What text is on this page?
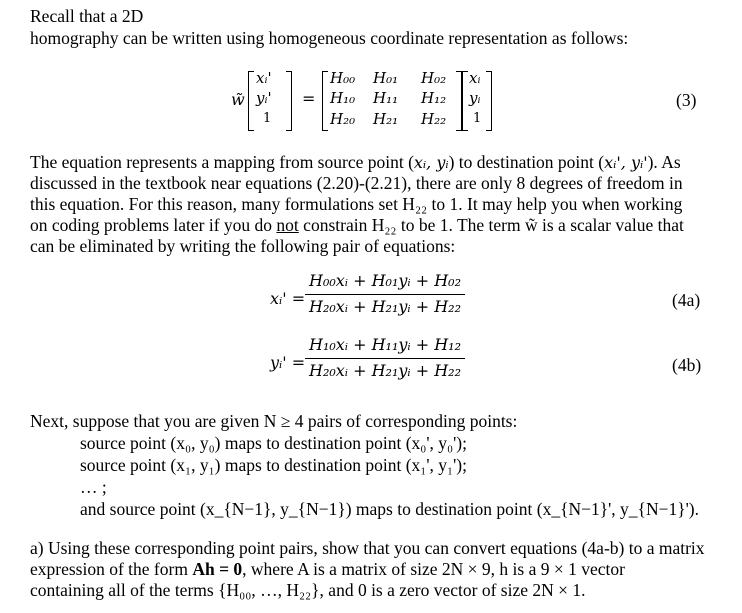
Recall that a 2D
homography can be written using homogeneous coordinate representation as follows:
w̃
xᵢ'
yᵢ'
1
=
H₀₀ H₀₁ H₀₂
H₁₀ H₁₁ H₁₂
H₂₀ H₂₁ H₂₂
xᵢ
yᵢ
1
(3)
The equation represents a mapping from source point (xᵢ, yᵢ) to destination point (xᵢ', yᵢ'). As
discussed in the textbook near equations (2.20)-(2.21), there are only 8 degrees of freedom in
this equation. For this reason, many formulations set H₂₂ to 1. It may help you when working
on coding problems later if you do not constrain H₂₂ to be 1. The term w̃ is a scalar value that
can be eliminated by writing the following pair of equations:
xᵢ' = $\frac{\text{H₀₀xᵢ + H₀₁yᵢ + H₀₂}}{\text{H₂₀xᵢ + H₂₁yᵢ + H₂₂}}$	(4a)
yᵢ' = $\frac{\text{H₁₀xᵢ + H₁₁yᵢ + H₁₂}}{\text{H₂₀xᵢ + H₂₁yᵢ + H₂₂}}$	(4b)
Next, suppose that you are given N ≥ 4 pairs of corresponding points:
source point (x₀, y₀) maps to destination point (x₀', y₀');
source point (x₁, y₁) maps to destination point (x₁', y₁');
… ;
and source point (x_{N−1}, y_{N−1}) maps to destination point (x_{N−1}', y_{N−1}').
a) Using these corresponding point pairs, show that you can convert equations (4a-b) to a matrix
expression of the form Ah = 0, where A is a matrix of size 2N × 9, h is a 9 × 1 vector
containing all of the terms {H₀₀, …, H₂₂}, and 0 is a zero vector of size 2N × 1.
